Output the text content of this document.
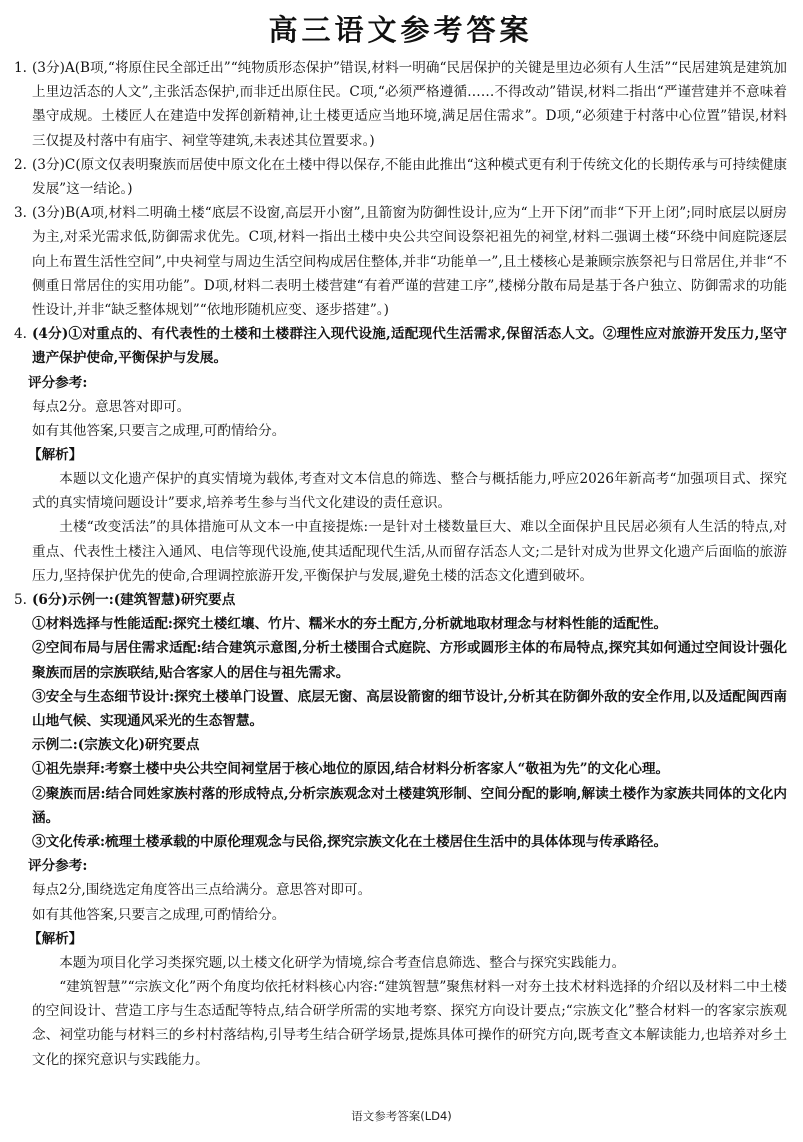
高三语文参考答案
1. (3分)A(B项,“将原住民全部迁出”“纯物质形态保护”错误,材料一明确“民居保护的关键是里边必须有人生活”“民居建筑是建筑加上里边活态的人文”,主张活态保护,而非迁出原住民。C项,“必须严格遵循……不得改动”错误,材料二指出“严谨营建并不意味着墨守成规。土楼匠人在建造中发挥创新精神,让土楼更适应当地环境,满足居住需求”。D项,“必须建于村落中心位置”错误,材料三仅提及村落中有庙宇、祠堂等建筑,未表述其位置要求。)
2. (3分)C(原文仅表明聚族而居使中原文化在土楼中得以保存,不能由此推出“这种模式更有利于传统文化的长期传承与可持续健康发展”这一结论。)
3. (3分)B(A项,材料二明确土楼“底层不设窗,高层开小窗”,且箭窗为防御性设计,应为“上开下闭”而非“下开上闭”;同时底层以厨房为主,对采光需求低,防御需求优先。C项,材料一指出土楼中央公共空间设祭祀祖先的祠堂,材料二强调土楼“环绕中间庭院逐层向上布置生活性空间”,中央祠堂与周边生活空间构成居住整体,并非“功能单一”,且土楼核心是兼顾宗族祭祀与日常居住,并非“不侧重日常居住的实用功能”。D项,材料二表明土楼营建“有着严谨的营建工序”,楼梯分散布局是基于各户独立、防御需求的功能性设计,并非“缺乏整体规划”“依地形随机应变、逐步搭建”。)
4. (4分)①对重点的、有代表性的土楼和土楼群注入现代设施,适配现代生活需求,保留活态人文。②理性应对旅游开发压力,坚守遗产保护使命,平衡保护与发展。
评分参考:
每点2分。意思答对即可。
如有其他答案,只要言之成理,可酌情给分。
【解析】
本题以文化遗产保护的真实情境为载体,考查对文本信息的筛选、整合与概括能力,呼应2026年新高考“加强项目式、探究式的真实情境问题设计”要求,培养考生参与当代文化建设的责任意识。
土楼“改变活法”的具体措施可从文本一中直接提炼:一是针对土楼数量巨大、难以全面保护且民居必须有人生活的特点,对重点、代表性土楼注入通风、电信等现代设施,使其适配现代生活,从而留存活态人文;二是针对成为世界文化遗产后面临的旅游压力,坚持保护优先的使命,合理调控旅游开发,平衡保护与发展,避免土楼的活态文化遭到破坏。
5. (6分)示例一:(建筑智慧)研究要点
①材料选择与性能适配:探究土楼红壤、竹片、糯米水的夯土配方,分析就地取材理念与材料性能的适配性。
②空间布局与居住需求适配:结合建筑示意图,分析土楼围合式庭院、方形或圆形主体的布局特点,探究其如何通过空间设计强化聚族而居的宗族联结,贴合客家人的居住与祖先需求。
③安全与生态细节设计:探究土楼单门设置、底层无窗、高层设箭窗的细节设计,分析其在防御外敌的安全作用,以及适配闽西南山地气候、实现通风采光的生态智慧。
示例二:(宗族文化)研究要点
①祖先崇拜:考察土楼中央公共空间祠堂居于核心地位的原因,结合材料分析客家人“敬祖为先”的文化心理。
②聚族而居:结合同姓家族村落的形成特点,分析宗族观念对土楼建筑形制、空间分配的影响,解读土楼作为家族共同体的文化内涵。
③文化传承:梳理土楼承载的中原伦理观念与民俗,探究宗族文化在土楼居住生活中的具体体现与传承路径。
评分参考:
每点2分,围绕选定角度答出三点给满分。意思答对即可。
如有其他答案,只要言之成理,可酌情给分。
【解析】
本题为项目化学习类探究题,以土楼文化研学为情境,综合考查信息筛选、整合与探究实践能力。
“建筑智慧”“宗族文化”两个角度均依托材料核心内容:“建筑智慧”聚焦材料一对夯土技术材料选择的介绍以及材料二中土楼的空间设计、营造工序与生态适配等特点,结合研学所需的实地考察、探究方向设计要点;“宗族文化”整合材料一的客家宗族观念、祠堂功能与材料三的乡村村落结构,引导考生结合研学场景,提炼具体可操作的研究方向,既考查文本解读能力,也培养对乡土文化的探究意识与实践能力。
语文参考答案(LD4)
